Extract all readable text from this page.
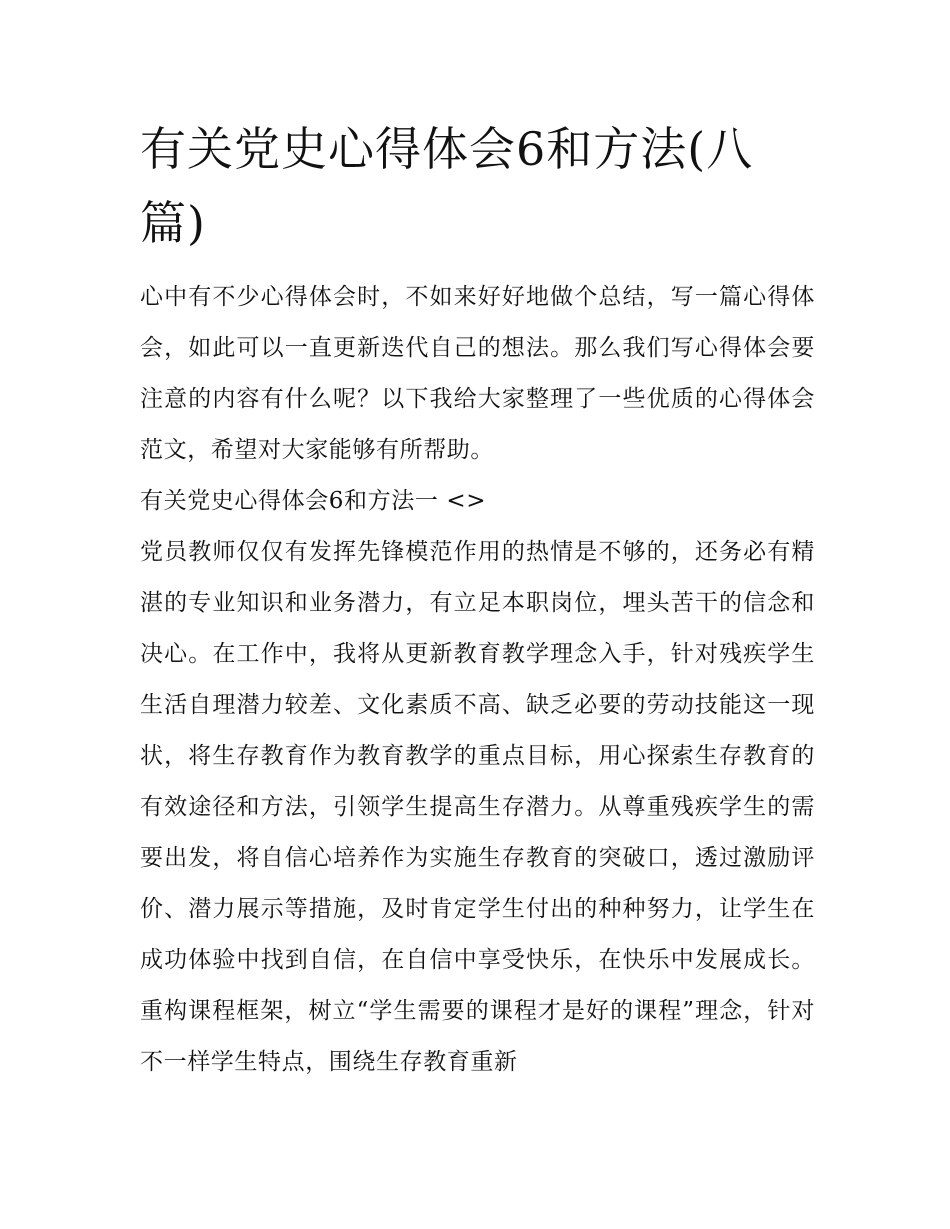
有关党史心得体会6和方法(八篇)

心中有不少心得体会时，不如来好好地做个总结，写一篇心得体会，如此可以一直更新迭代自己的想法。那么我们写心得体会要注意的内容有什么呢？以下我给大家整理了一些优质的心得体会范文，希望对大家能够有所帮助。

有关党史心得体会6和方法一 <>

党员教师仅仅有发挥先锋模范作用的热情是不够的，还务必有精湛的专业知识和业务潜力，有立足本职岗位，埋头苦干的信念和决心。在工作中，我将从更新教育教学理念入手，针对残疾学生生活自理潜力较差、文化素质不高、缺乏必要的劳动技能这一现状，将生存教育作为教育教学的重点目标，用心探索生存教育的有效途径和方法，引领学生提高生存潜力。从尊重残疾学生的需要出发，将自信心培养作为实施生存教育的突破口，透过激励评价、潜力展示等措施，及时肯定学生付出的种种努力，让学生在成功体验中找到自信，在自信中享受快乐，在快乐中发展成长。重构课程框架，树立“学生需要的课程才是好的课程”理念，针对不一样学生特点，围绕生存教育重新
